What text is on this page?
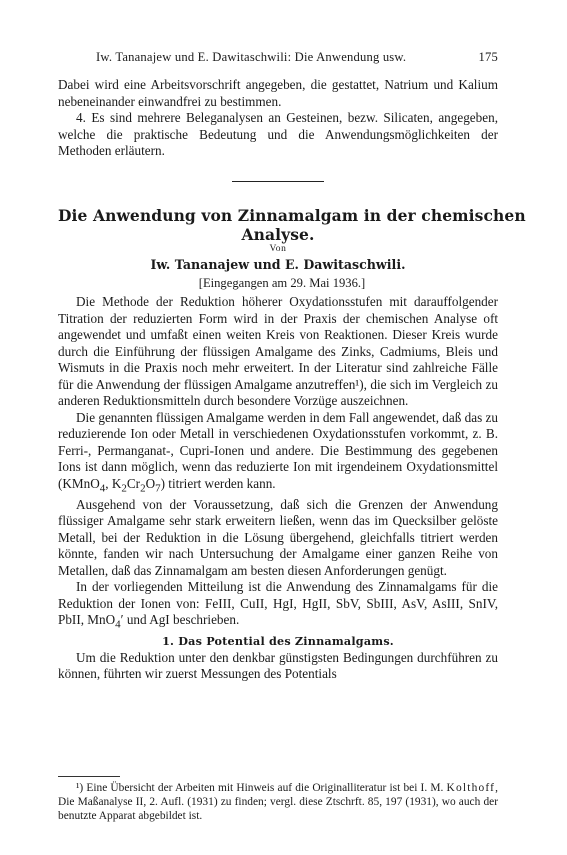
Iw. Tananajew und E. Dawitaschwili: Die Anwendung usw.	175

Dabei wird eine Arbeitsvorschrift angegeben, die gestattet, Natrium und Kalium nebeneinander einwandfrei zu bestimmen.

4. Es sind mehrere Beleganalysen an Gesteinen, bezw. Silicaten, angegeben, welche die praktische Bedeutung und die Anwendungsmöglichkeiten der Methoden erläutern.

Die Anwendung von Zinnamalgam in der chemischen
Analyse.
Von
Iw. Tananajew und E. Dawitaschwili.
[Eingegangen am 29. Mai 1936.]

Die Methode der Reduktion höherer Oxydationsstufen mit darauffolgender Titration der reduzierten Form wird in der Praxis der chemischen Analyse oft angewendet und umfaßt einen weiten Kreis von Reaktionen. Dieser Kreis wurde durch die Einführung der flüssigen Amalgame des Zinks, Cadmiums, Bleis und Wismuts in die Praxis noch mehr erweitert. In der Literatur sind zahlreiche Fälle für die Anwendung der flüssigen Amalgame anzutreffen¹), die sich im Vergleich zu anderen Reduktionsmitteln durch besondere Vorzüge auszeichnen.

Die genannten flüssigen Amalgame werden in dem Fall angewendet, daß das zu reduzierende Ion oder Metall in verschiedenen Oxydationsstufen vorkommt, z. B. Ferri-, Permanganat-, Cupri-Ionen und andere. Die Bestimmung des gegebenen Ions ist dann möglich, wenn das reduzierte Ion mit irgendeinem Oxydationsmittel (KMnO$_4$, $K_2Cr_2O_7$) titriert werden kann.

Ausgehend von der Voraussetzung, daß sich die Grenzen der Anwendung flüssiger Amalgame sehr stark erweitern ließen, wenn das im Quecksilber gelöste Metall, bei der Reduktion in die Lösung übergehend, gleichfalls titriert werden könnte, fanden wir nach Untersuchung der Amalgame einer ganzen Reihe von Metallen, daß das Zinnamalgam am besten diesen Anforderungen genügt.

In der vorliegenden Mitteilung ist die Anwendung des Zinnamalgams für die Reduktion der Ionen von: FeIII, CuII, HgI, HgII, SbV, SbIII, AsV, AsIII, SnIV, PbII, MnO$_4$′ und AgI beschrieben.

1. Das Potential des Zinnamalgams.

Um die Reduktion unter den denkbar günstigsten Bedingungen durchführen zu können, führten wir zuerst Messungen des Potentials

¹) Eine Übersicht der Arbeiten mit Hinweis auf die Originalliteratur ist bei I. M. Kolthoff, Die Maßanalyse II, 2. Aufl. (1931) zu finden; vergl. diese Ztschrft. 85, 197 (1931), wo auch der benutzte Apparat abgebildet ist.
